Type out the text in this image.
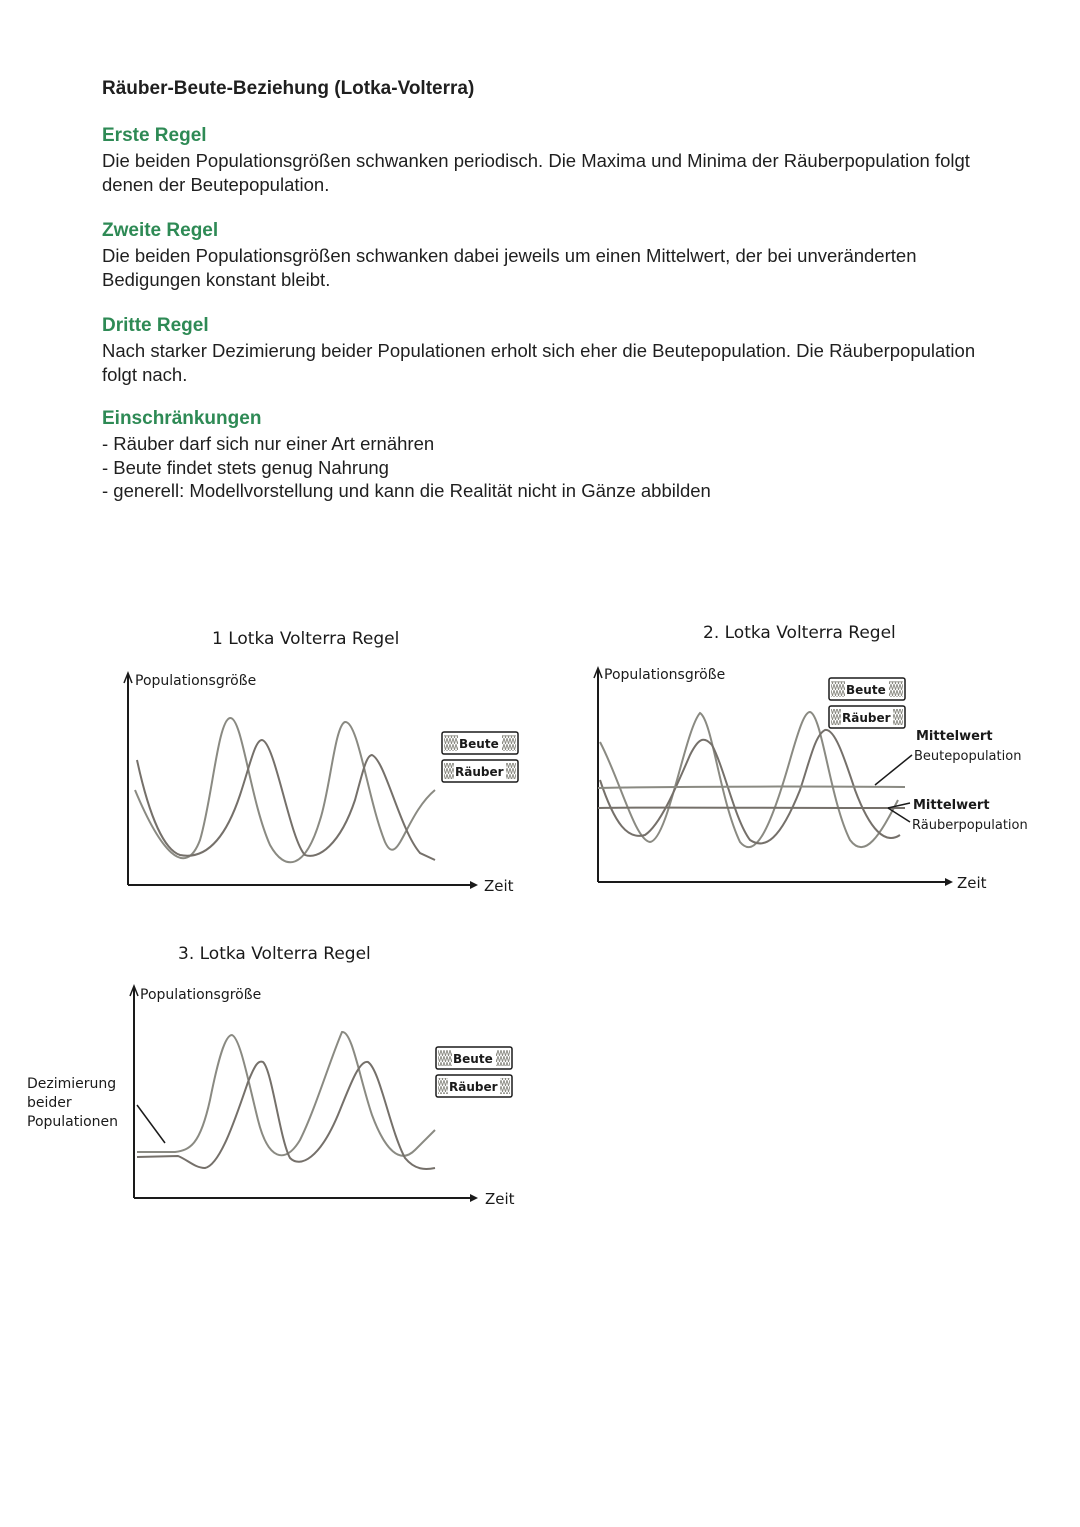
Räuber-Beute-Beziehung (Lotka-Volterra)
Erste Regel

Die beiden Populationsgrößen schwanken periodisch. Die Maxima und Minima der Räuberpopulation folgt denen der Beutepopulation.

Zweite Regel

Die beiden Populationsgrößen schwanken dabei jeweils um einen Mittelwert, der bei unveränderten Bedigungen konstant bleibt.

Dritte Regel

Nach starker Dezimierung beider Populationen erholt sich eher die Beutepopulation. Die Räuberpopulation folgt nach.

Einschränkungen
- Räuber darf sich nur einer Art ernähren
- Beute findet stets genug Nahrung
- generell: Modellvorstellung und kann die Realität nicht in Gänze abbilden
1 Lotka Volterra Regel
Populationsgröße
Zeit
Beute
Räuber
2. Lotka Volterra Regel
Populationsgröße
Zeit
Beute
Räuber
Mittelwert
Beutepopulation
Mittelwert
Räuberpopulation
3. Lotka Volterra Regel
Populationsgröße
Zeit
Beute
Räuber
Dezimierung
beider
Populationen
